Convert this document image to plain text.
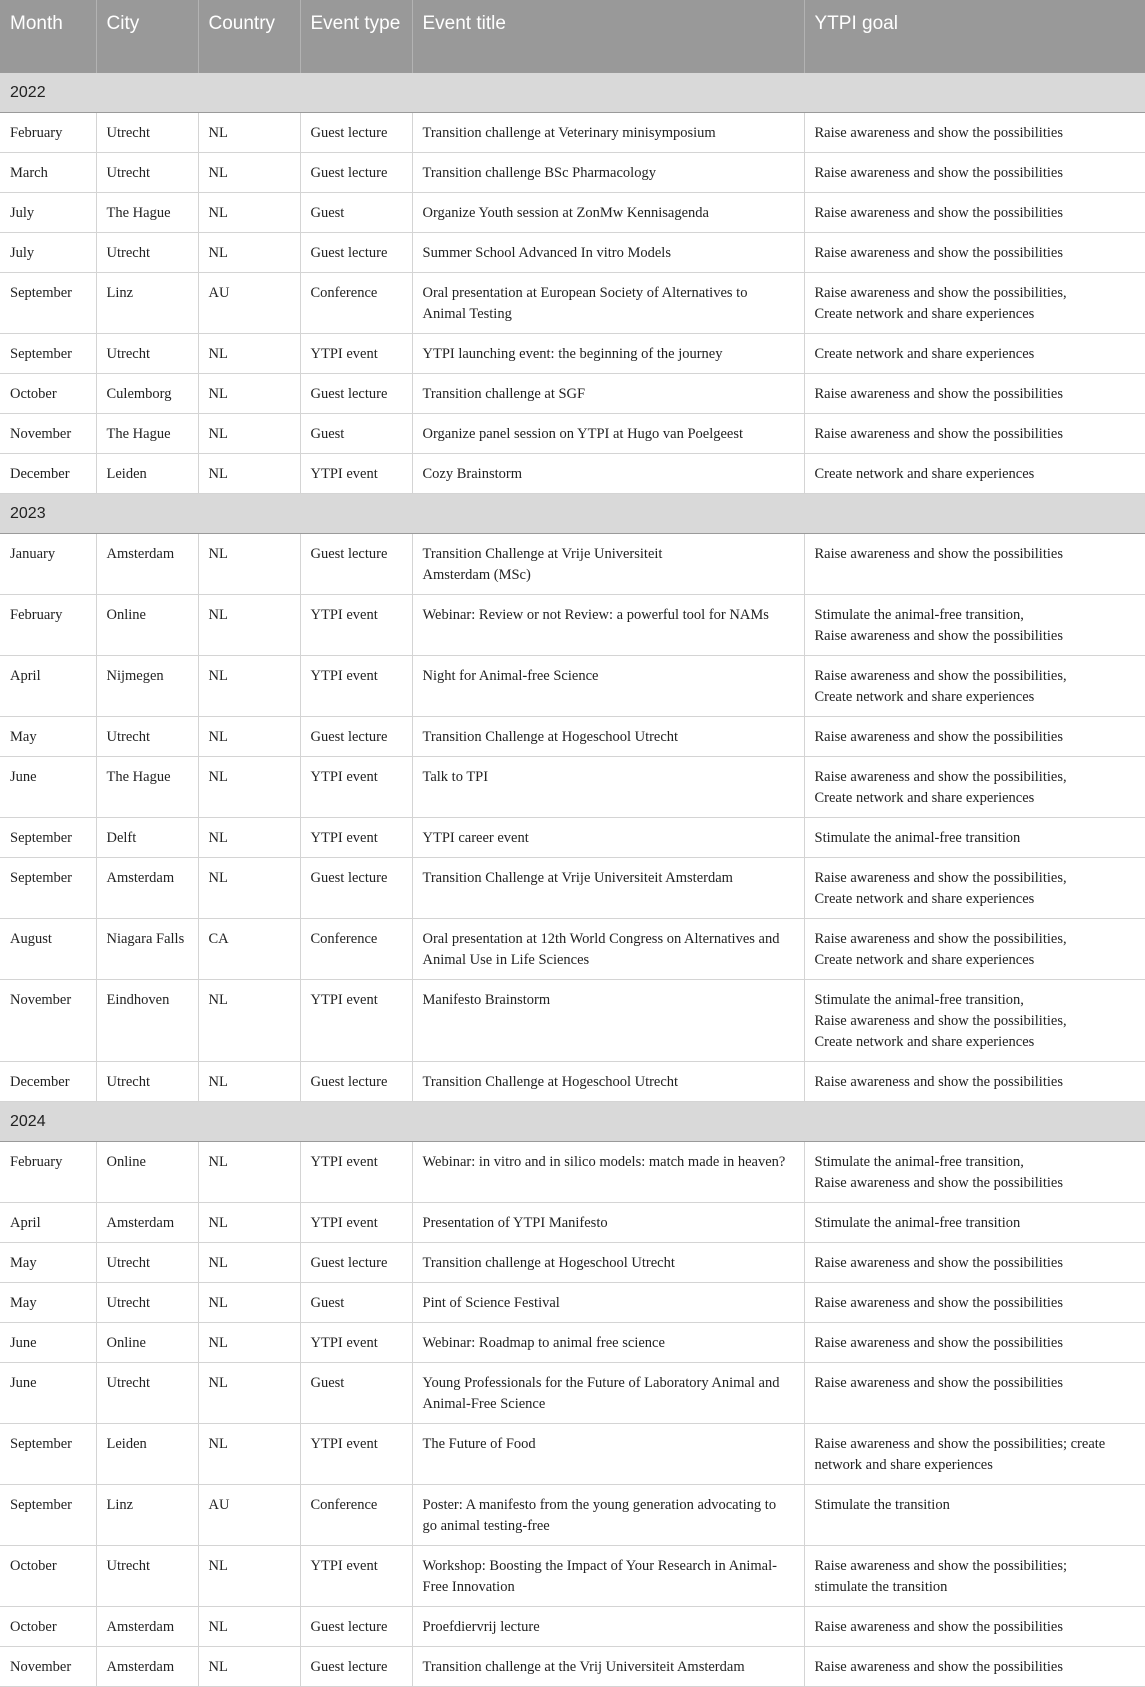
Month	City	Country	Event type	Event title	YTPI goal
2022					
February	Utrecht	NL	Guest lecture	Transition challenge at Veterinary minisymposium	Raise awareness and show the possibilities
March	Utrecht	NL	Guest lecture	Transition challenge BSc Pharmacology	Raise awareness and show the possibilities
July	The Hague	NL	Guest	Organize Youth session at ZonMw Kennisagenda	Raise awareness and show the possibilities
July	Utrecht	NL	Guest lecture	Summer School Advanced In vitro Models	Raise awareness and show the possibilities
September	Linz	AU	Conference	Oral presentation at European Society of Alternatives to Animal Testing	Raise awareness and show the possibilities,
Create network and share experiences
September	Utrecht	NL	YTPI event	YTPI launching event: the beginning of the journey	Create network and share experiences
October	Culemborg	NL	Guest lecture	Transition challenge at SGF	Raise awareness and show the possibilities
November	The Hague	NL	Guest	Organize panel session on YTPI at Hugo van Poelgeest	Raise awareness and show the possibilities
December	Leiden	NL	YTPI event	Cozy Brainstorm	Create network and share experiences
2023					
January	Amsterdam	NL	Guest lecture	Transition Challenge at Vrije Universiteit
Amsterdam (MSc)	Raise awareness and show the possibilities
February	Online	NL	YTPI event	Webinar: Review or not Review: a powerful tool for NAMs	Stimulate the animal-free transition,
Raise awareness and show the possibilities
April	Nijmegen	NL	YTPI event	Night for Animal-free Science	Raise awareness and show the possibilities,
Create network and share experiences
May	Utrecht	NL	Guest lecture	Transition Challenge at Hogeschool Utrecht	Raise awareness and show the possibilities
June	The Hague	NL	YTPI event	Talk to TPI	Raise awareness and show the possibilities,
Create network and share experiences
September	Delft	NL	YTPI event	YTPI career event	Stimulate the animal-free transition
September	Amsterdam	NL	Guest lecture	Transition Challenge at Vrije Universiteit Amsterdam	Raise awareness and show the possibilities,
Create network and share experiences
August	Niagara Falls	CA	Conference	Oral presentation at 12th World Congress on Alternatives and Animal Use in Life Sciences	Raise awareness and show the possibilities,
Create network and share experiences
November	Eindhoven	NL	YTPI event	Manifesto Brainstorm	Stimulate the animal-free transition,
Raise awareness and show the possibilities,
Create network and share experiences
December	Utrecht	NL	Guest lecture	Transition Challenge at Hogeschool Utrecht	Raise awareness and show the possibilities
2024					
February	Online	NL	YTPI event	Webinar: in vitro and in silico models: match made in heaven?	Stimulate the animal-free transition,
Raise awareness and show the possibilities
April	Amsterdam	NL	YTPI event	Presentation of YTPI Manifesto	Stimulate the animal-free transition
May	Utrecht	NL	Guest lecture	Transition challenge at Hogeschool Utrecht	Raise awareness and show the possibilities
May	Utrecht	NL	Guest	Pint of Science Festival	Raise awareness and show the possibilities
June	Online	NL	YTPI event	Webinar: Roadmap to animal free science	Raise awareness and show the possibilities
June	Utrecht	NL	Guest	Young Professionals for the Future of Laboratory Animal and Animal-Free Science	Raise awareness and show the possibilities
September	Leiden	NL	YTPI event	The Future of Food	Raise awareness and show the possibilities; create network and share experiences
September	Linz	AU	Conference	Poster: A manifesto from the young generation advocating to go animal testing-free	Stimulate the transition
October	Utrecht	NL	YTPI event	Workshop: Boosting the Impact of Your Research in Animal-Free Innovation	Raise awareness and show the possibilities;
stimulate the transition
October	Amsterdam	NL	Guest lecture	Proefdiervrij lecture	Raise awareness and show the possibilities
November	Amsterdam	NL	Guest lecture	Transition challenge at the Vrij Universiteit Amsterdam	Raise awareness and show the possibilities
